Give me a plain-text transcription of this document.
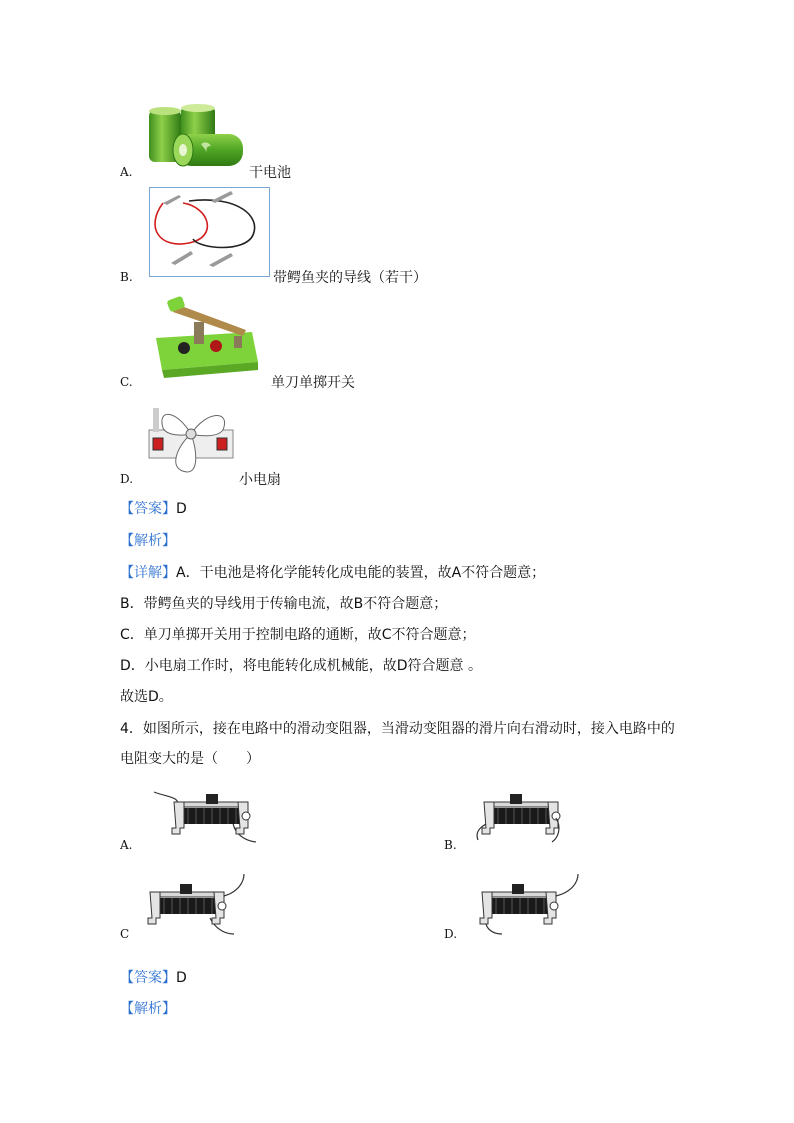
A.	干电池
B.	带鳄鱼夹的导线（若干）
C.	单刀单掷开关
D.	小电扇
【答案】D
【解析】
【详解】A．干电池是将化学能转化成电能的装置，故A不符合题意；
B．带鳄鱼夹的导线用于传输电流，故B不符合题意；
C．单刀单掷开关用于控制电路的通断，故C不符合题意；
D．小电扇工作时，将电能转化成机械能，故D符合题意 。
故选D。
4．如图所示，接在电路中的滑动变阻器，当滑动变阻器的滑片向右滑动时，接入电路中的
电阻变大的是（　　）
A.	B.
C	D.
【答案】D
【解析】
